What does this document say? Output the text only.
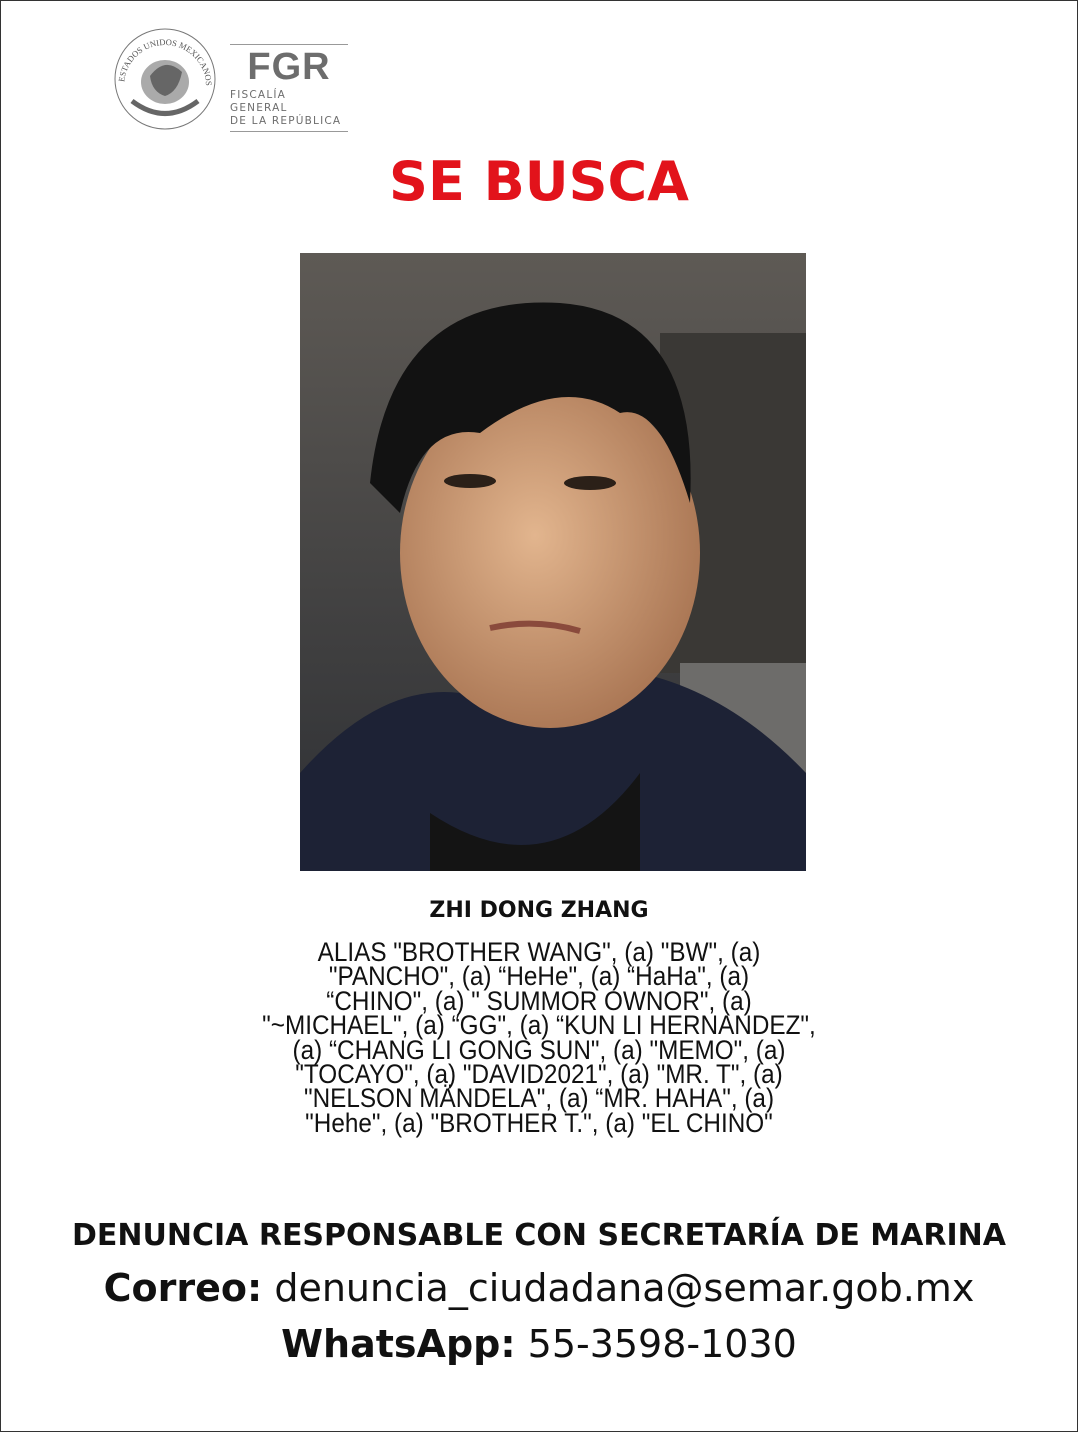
ESTADOS UNIDOS MEXICANOS FGR
FISCALÍA GENERAL
DE LA REPÚBLICA
SE BUSCA
ZHI DONG ZHANG
ALIAS "BROTHER WANG", (a) "BW", (a)
"PANCHO", (a) “HeHe", (a) “HaHa", (a)
“CHINO", (a) " SUMMOR OWNOR", (a)
"~MICHAEL", (a) “GG", (a) “KUN LI HERNANDEZ",
(a) “CHANG LI GONG SUN", (a) "MEMO", (a)
"TOCAYO", (a) "DAVID2021", (a) "MR. T", (a)
"NELSON MÄNDELA", (a) “MR. HAHA", (a)
"Hehe", (a) "BROTHER T.", (a) "EL CHINO"
DENUNCIA RESPONSABLE CON SECRETARÍA DE MARINA
Correo: denuncia_ciudadana@semar.gob.mx
WhatsApp: 55-3598-1030
